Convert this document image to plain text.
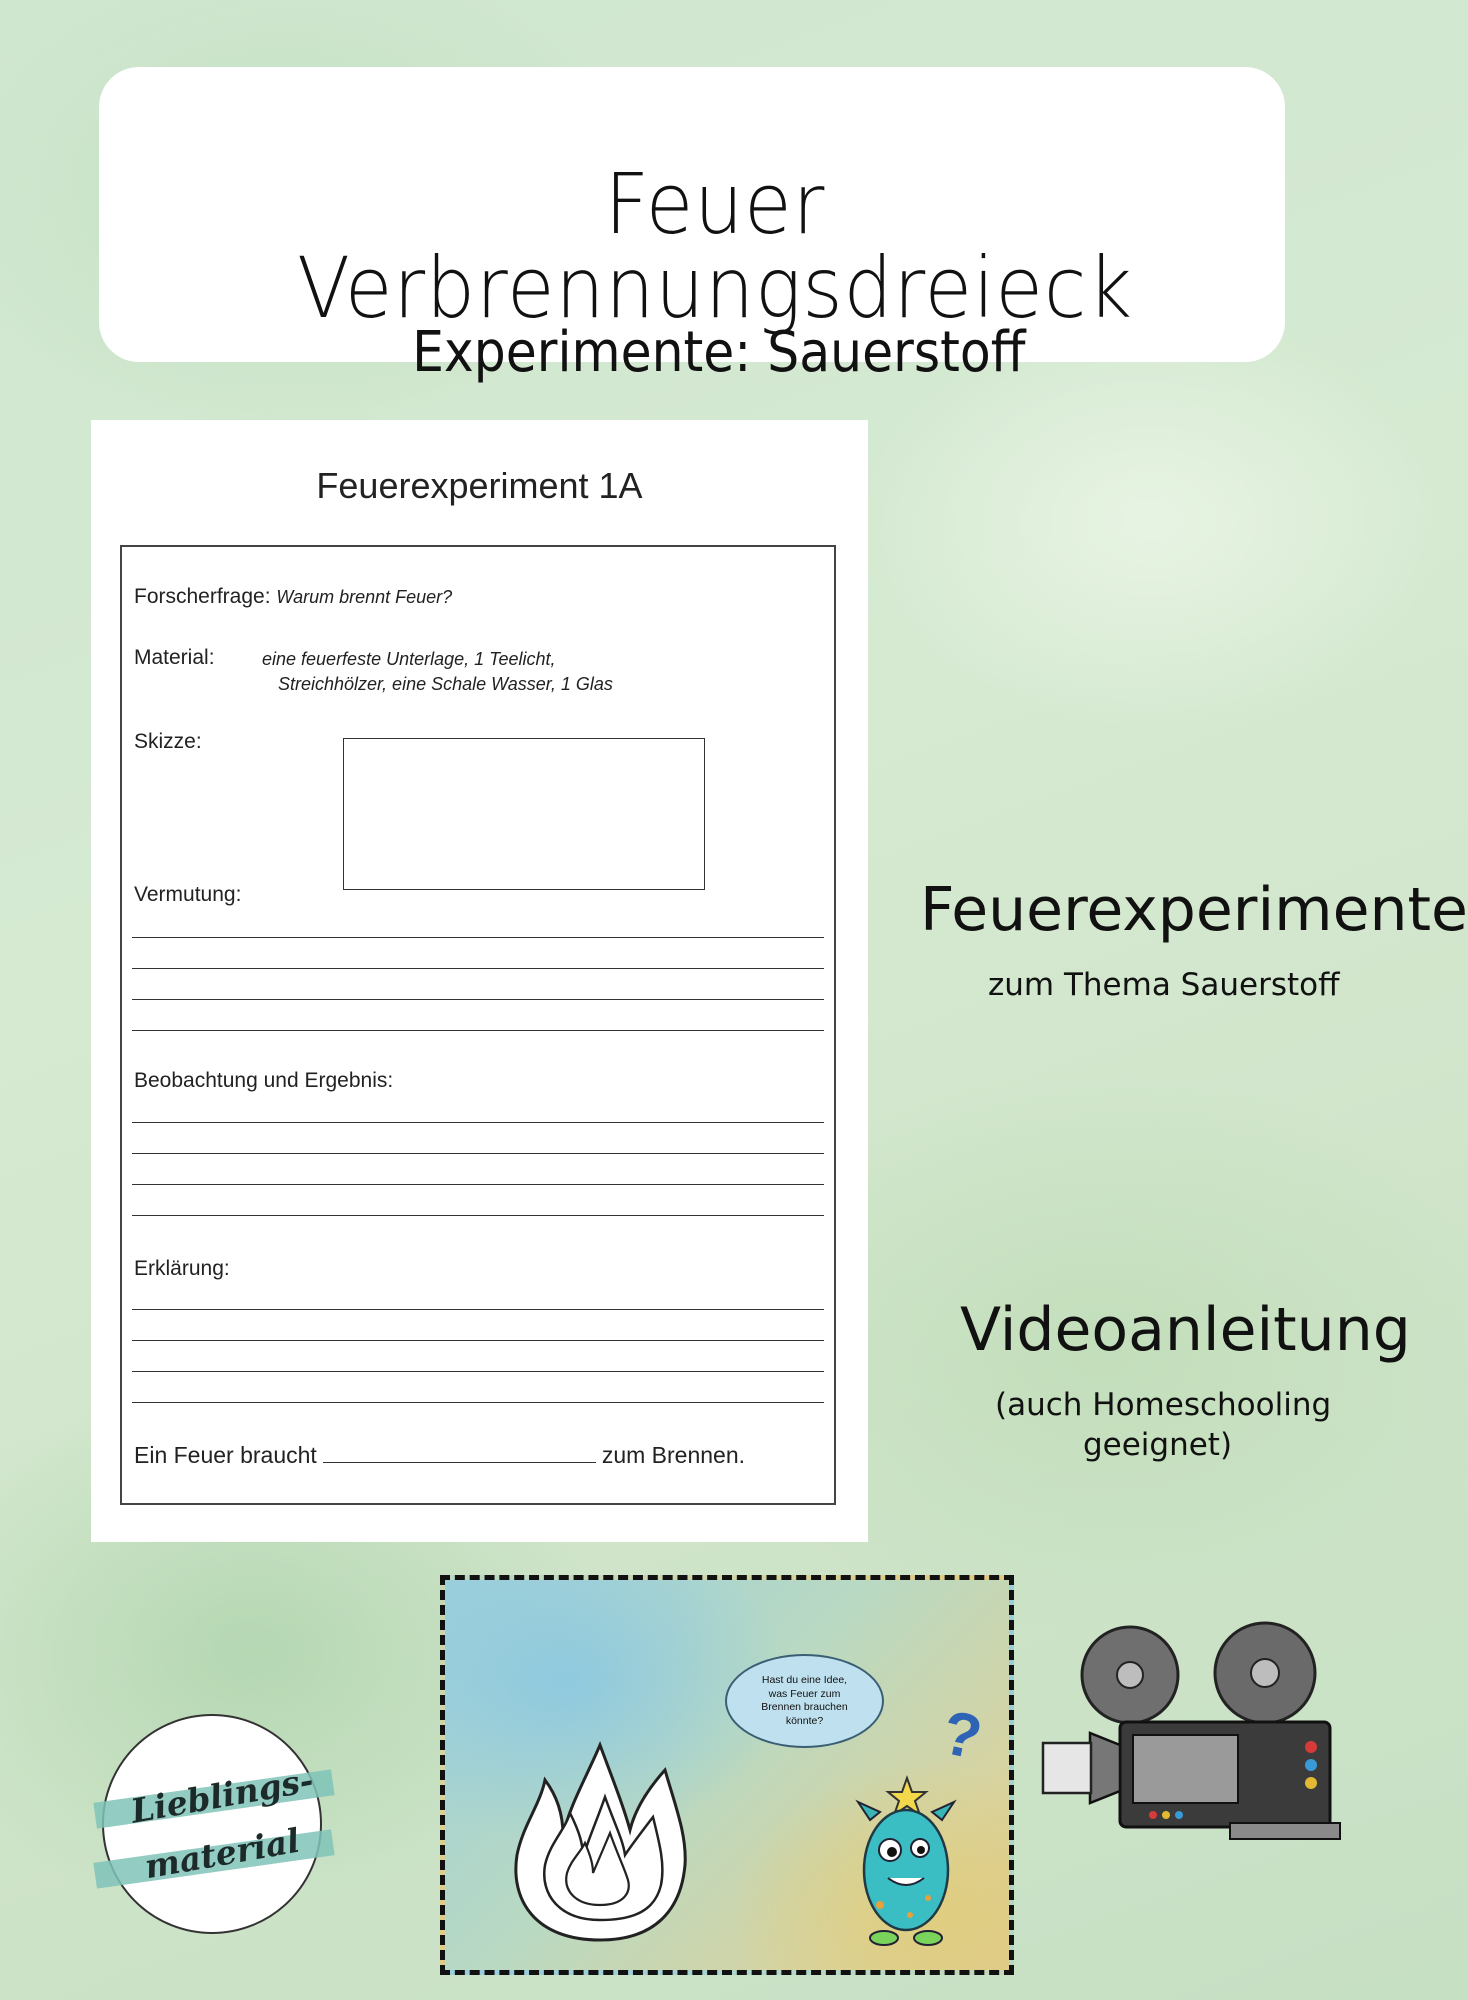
Feuer Verbrennungsdreieck
Experimente: Sauerstoff
Feuerexperiment 1A
Forscherfrage: Warum brennt Feuer?
Material:	eine feuerfeste Unterlage, 1 Teelicht,
Streichhölzer, eine Schale Wasser, 1 Glas
Skizze:
Vermutung:
Beobachtung und Ergebnis:
Erklärung:
Ein Feuer braucht	zum Brennen.
Feuerexperimente
zum Thema Sauerstoff
Videoanleitung
(auch Homeschooling
geeignet)
Hast du eine Idee,
was Feuer zum
Brennen brauchen
könnte?	?
Lieblings-
material
